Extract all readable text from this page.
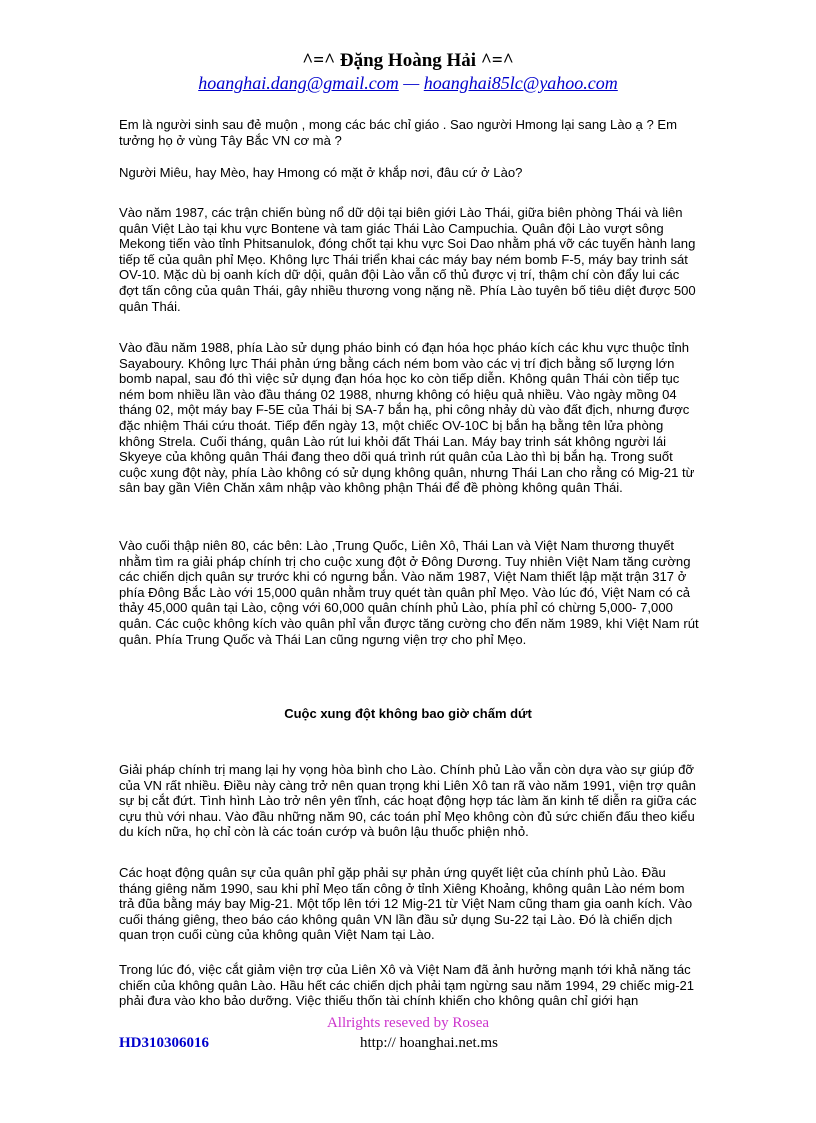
^=^ Đặng Hoàng Hải ^=^
hoanghai.dang@gmail.com — hoanghai85lc@yahoo.com

Em là người sinh sau đẻ muộn , mong các bác chỉ giáo . Sao người Hmong lại sang Lào ạ ? Em tưởng họ ở vùng Tây Bắc VN cơ mà ?

Người Miêu, hay Mèo, hay Hmong có mặt ở khắp nơi, đâu cứ ở Lào?

Vào năm 1987, các trận chiến bùng nổ dữ dội tại biên giới Lào Thái, giữa biên phòng Thái và liên quân Việt Lào tại khu vực Bontene và tam giác Thái Lào Campuchia. Quân đội Lào vượt sông Mekong tiến vào tỉnh Phitsanulok, đóng chốt tại khu vực Soi Dao nhằm phá vỡ các tuyến hành lang tiếp tế của quân phỉ Mẹo. Không lực Thái triển khai các máy bay ném bomb F-5, máy bay trinh sát OV-10. Mặc dù bị oanh kích dữ dội, quân đội Lào vẫn cố thủ được vị trí, thậm chí còn đẩy lui các đợt tấn công của quân Thái, gây nhiều thương vong nặng nề. Phía Lào tuyên bố tiêu diệt được 500 quân Thái.

Vào đầu năm 1988, phía Lào sử dụng pháo binh có đạn hóa học pháo kích các khu vực thuộc tỉnh Sayaboury. Không lực Thái phản ứng bằng cách ném bom vào các vị trí địch bằng số lượng lớn bomb napal, sau đó thì việc sử dụng đạn hóa học ko còn tiếp diễn. Không quân Thái còn tiếp tục ném bom nhiều lần vào đầu tháng 02 1988, nhưng không có hiệu quả nhiều. Vào ngày mồng 04 tháng 02, một máy bay F-5E của Thái bị SA-7 bắn hạ, phi công nhảy dù vào đất địch, nhưng được đặc nhiệm Thái cứu thoát. Tiếp đến ngày 13, một chiếc OV-10C bị bắn hạ bằng tên lửa phòng không Strela. Cuối tháng, quân Lào rút lui khỏi đất Thái Lan. Máy bay trinh sát không người lái Skyeye của không quân Thái đang theo dõi quá trình rút quân của Lào thì bị bắn hạ. Trong suốt cuộc xung đột này, phía Lào không có sử dụng không quân, nhưng Thái Lan cho rằng có Mig-21 từ sân bay gần Viên Chăn xâm nhập vào không phận Thái để đề phòng không quân Thái.

Vào cuối thập niên 80, các bên: Lào ,Trung Quốc, Liên Xô, Thái Lan và Việt Nam thương thuyết nhằm tìm ra giải pháp chính trị cho cuộc xung đột ở Đông Dương. Tuy nhiên Việt Nam tăng cường các chiến dịch quân sự trước khi có ngưng bắn. Vào năm 1987, Việt Nam thiết lập mặt trận 317 ở phía Đông Bắc Lào với 15,000 quân nhằm truy quét tàn quân phỉ Mẹo. Vào lúc đó, Việt Nam có cả thảy 45,000 quân tại Lào, cộng với 60,000 quân chính phủ Lào, phía phỉ có chừng 5,000- 7,000 quân. Các cuộc không kích vào quân phỉ vẫn được tăng cường cho đến năm 1989, khi Việt Nam rút quân. Phía Trung Quốc và Thái Lan cũng ngưng viện trợ cho phỉ Mẹo.

Cuộc xung đột không bao giờ chấm dứt

Giải pháp chính trị mang lại hy vọng hòa bình cho Lào. Chính phủ Lào vẫn còn dựa vào sự giúp đỡ của VN rất nhiều. Điều này càng trở nên quan trọng khi Liên Xô tan rã vào năm 1991, viện trợ quân sự bị cắt đứt. Tình hình Lào trở nên yên tĩnh, các hoạt động hợp tác làm ăn kinh tế diễn ra giữa các cựu thù với nhau. Vào đầu những năm 90, các toán phỉ Mẹo không còn đủ sức chiến đấu theo kiểu du kích nữa, họ chỉ còn là các toán cướp và buôn lậu thuốc phiện nhỏ.

Các hoạt động quân sự của quân phỉ gặp phải sự phản ứng quyết liệt của chính phủ Lào. Đầu tháng giêng năm 1990, sau khi phỉ Mẹo tấn công ở tỉnh Xiêng Khoảng, không quân Lào ném bom trả đũa bằng máy bay Mig-21. Một tốp lên tới 12 Mig-21 từ Việt Nam cũng tham gia oanh kích. Vào cuối tháng giêng, theo báo cáo không quân VN lần đầu sử dụng Su-22 tại Lào. Đó là chiến dịch quan trọn cuối cùng của không quân Việt Nam tại Lào.

Trong lúc đó, việc cắt giảm viện trợ của Liên Xô và Việt Nam đã ảnh hưởng mạnh tới khả năng tác chiến của không quân Lào. Hầu hết các chiến dịch phải tạm ngừng sau năm 1994, 29 chiếc mig-21 phải đưa vào kho bảo dưỡng. Việc thiếu thốn tài chính khiến cho không quân chỉ giới hạn

Allrights reseved by Rosea
HD310306016	http:// hoanghai.net.ms
